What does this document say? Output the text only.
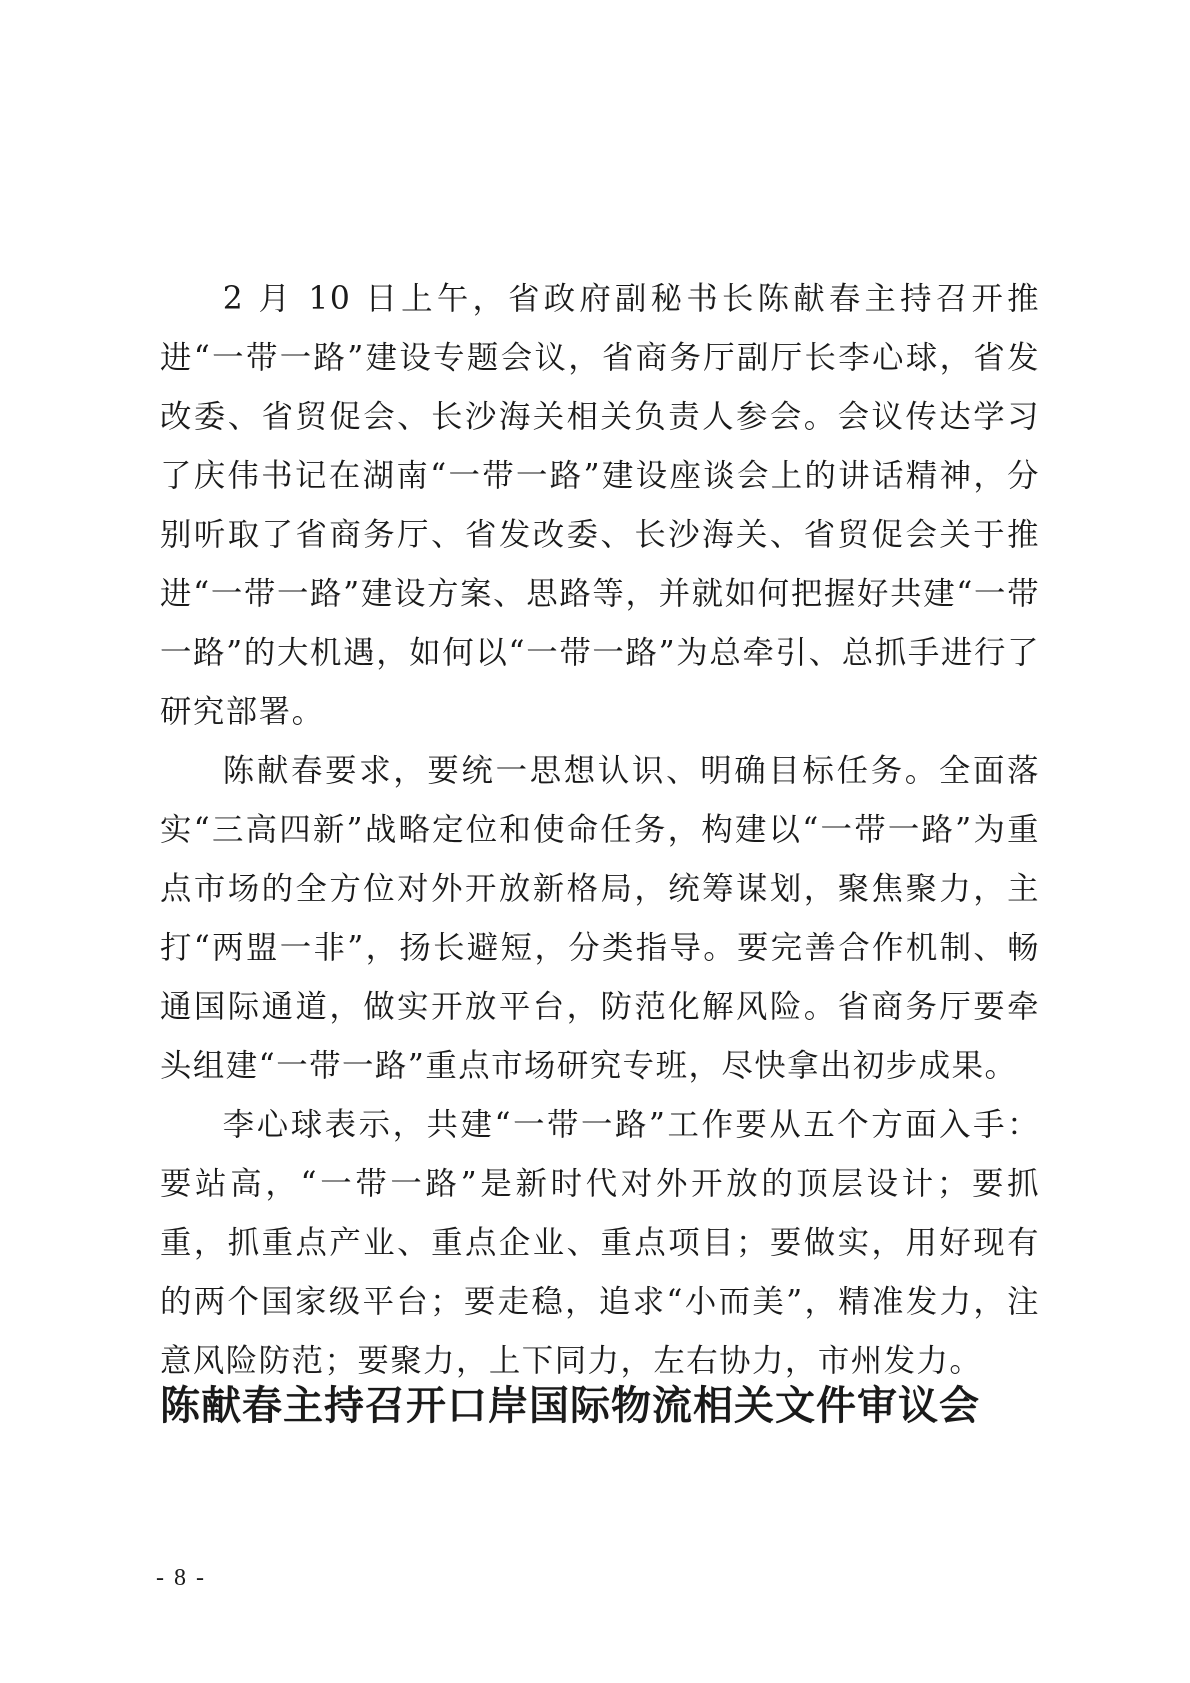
2 月 10 日上午，省政府副秘书长陈献春主持召开推进“一带一路”建设专题会议，省商务厅副厅长李心球，省发改委、省贸促会、长沙海关相关负责人参会。会议传达学习了庆伟书记在湖南“一带一路”建设座谈会上的讲话精神，分别听取了省商务厅、省发改委、长沙海关、省贸促会关于推进“一带一路”建设方案、思路等，并就如何把握好共建“一带一路”的大机遇，如何以“一带一路”为总牵引、总抓手进行了研究部署。

陈献春要求，要统一思想认识、明确目标任务。全面落实“三高四新”战略定位和使命任务，构建以“一带一路”为重点市场的全方位对外开放新格局，统筹谋划，聚焦聚力，主打“两盟一非”，扬长避短，分类指导。要完善合作机制、畅通国际通道，做实开放平台，防范化解风险。省商务厅要牵头组建“一带一路”重点市场研究专班，尽快拿出初步成果。

李心球表示，共建“一带一路”工作要从五个方面入手：要站高，“一带一路”是新时代对外开放的顶层设计；要抓重，抓重点产业、重点企业、重点项目；要做实，用好现有的两个国家级平台；要走稳，追求“小而美”，精准发力，注意风险防范；要聚力，上下同力，左右协力，市州发力。

陈献春主持召开口岸国际物流相关文件审议会
- 8 -
